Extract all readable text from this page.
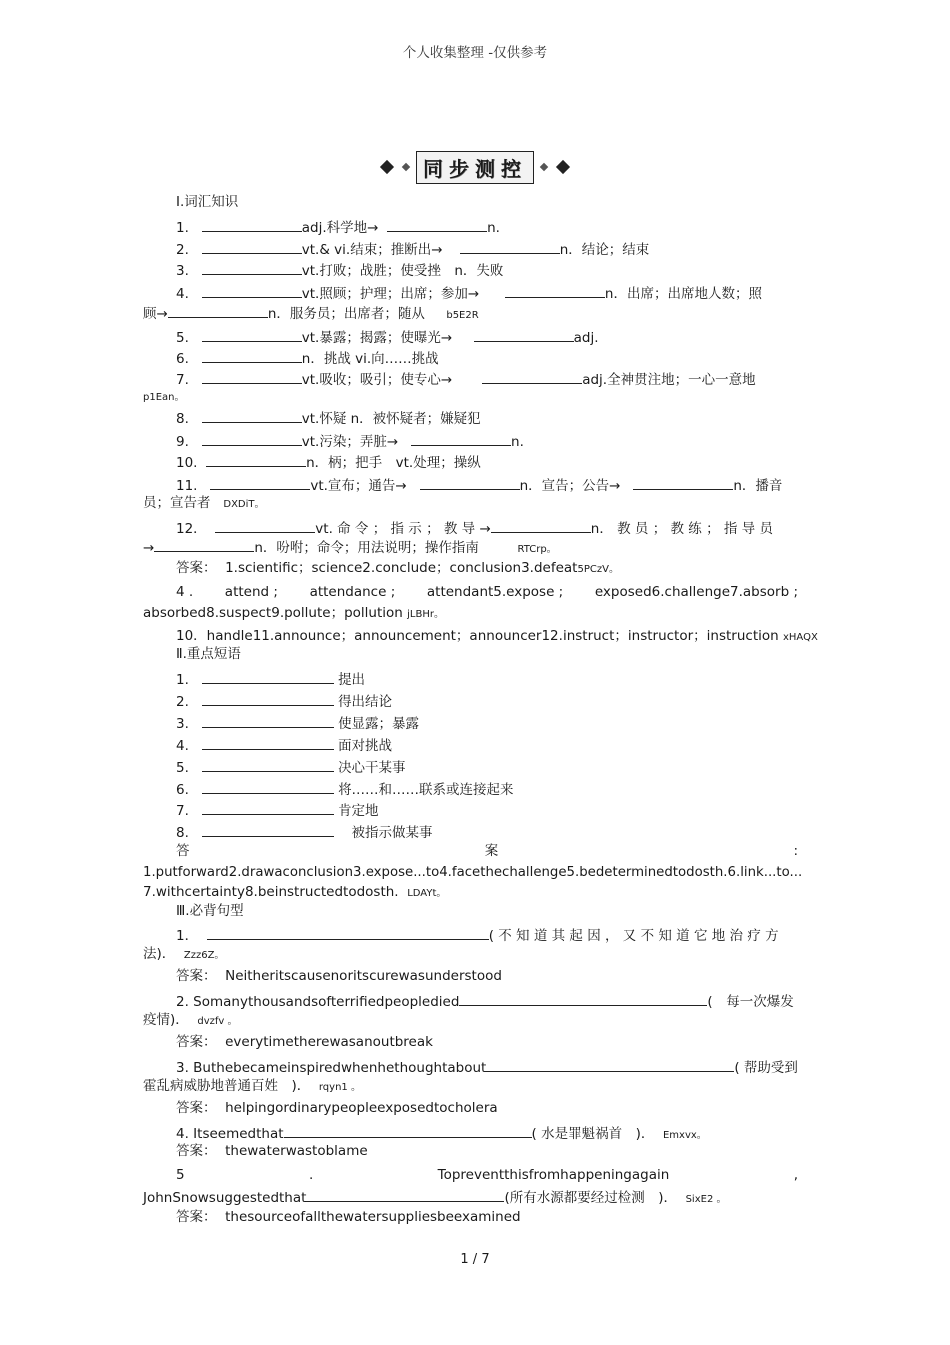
个人收集整理 -仅供参考
同步测控
Ⅰ.词汇知识
1.	adj.科学地→	n.
2.	vt.& vi.结束；推断出→	n．结论；结束
3.	vt.打败；战胜；使受挫　n．失败
4.	vt.照顾；护理；出席；参加→	n．出席；出席地人数；照
顾→	n．服务员；出席者；随从 b5E2R
5.	vt.暴露；揭露；使曝光→	adj.
6.	n．挑战 vi.向……挑战
7.	vt.吸收；吸引；使专心→	adj.全神贯注地；一心一意地
p1Ean。
8.	vt.怀疑 n．被怀疑者；嫌疑犯
9.	vt.污染；弄脏→	n.
10.	n．柄；把手　vt.处理；操纵
11.	vt.宣布；通告→	n．宣告；公告→	n．播音
员；宣告者 DXDiT。
12．	vt. 命 令 ； 指 示 ； 教 导 →	n． 教 员 ； 教 练 ； 指 导 员
→	n．吩咐；命令；用法说明；操作指南	RTCrp。
答案： 1.scientific；science2.conclude；conclusion3.defeat5PCzV。
4 . attend ; attendance ; attendant5.expose ; exposed6.challenge7.absorb ;
absorbed8.suspect9.pollute；pollution jLBHr。
10．handle11.announce；announcement；announcer12.instruct；instructor；instruction xHAQX
Ⅱ.重点短语
1.	提出
2.	得出结论
3.	使显露；暴露
4.	面对挑战
5.	决心干某事
6.	将……和……联系或连接起来
7.	肯定地
8.	　被指示做某事
答	案	:
1.putforward2.drawaconclusion3.expose...to4.facethechallenge5.bedeterminedtodosth.6.link...to...
7.withcertainty8.beinstructedtodosth. LDAYt。
Ⅲ.必背句型
1．	( 不 知 道 其 起 因 ， 又 不 知 道 它 地 治 疗 方
法)． Zzz6Z。
答案： Neitheritscausenoritscurewasunderstood
2. Somanythousandsofterrifiedpeopledied	(　每一次爆发
疫情)． dvzfv 。
答案： everytimetherewasanoutbreak
3. Buthebecameinspiredwhenhethoughtabout	( 帮助受到
霍乱病威胁地普通百姓　)． rqyn1 。
答案： helpingordinarypeopleexposedtocholera
4. Itseemedthat	( 水是罪魁祸首　)． Emxvx。
答案： thewaterwastoblame
5	.	Topreventthisfromhappeningagain	,
JohnSnowsuggestedthat	(所有水源都要经过检测　)． SixE2 。
答案： thesourceofallthewatersuppliesbeexamined
1 / 7
